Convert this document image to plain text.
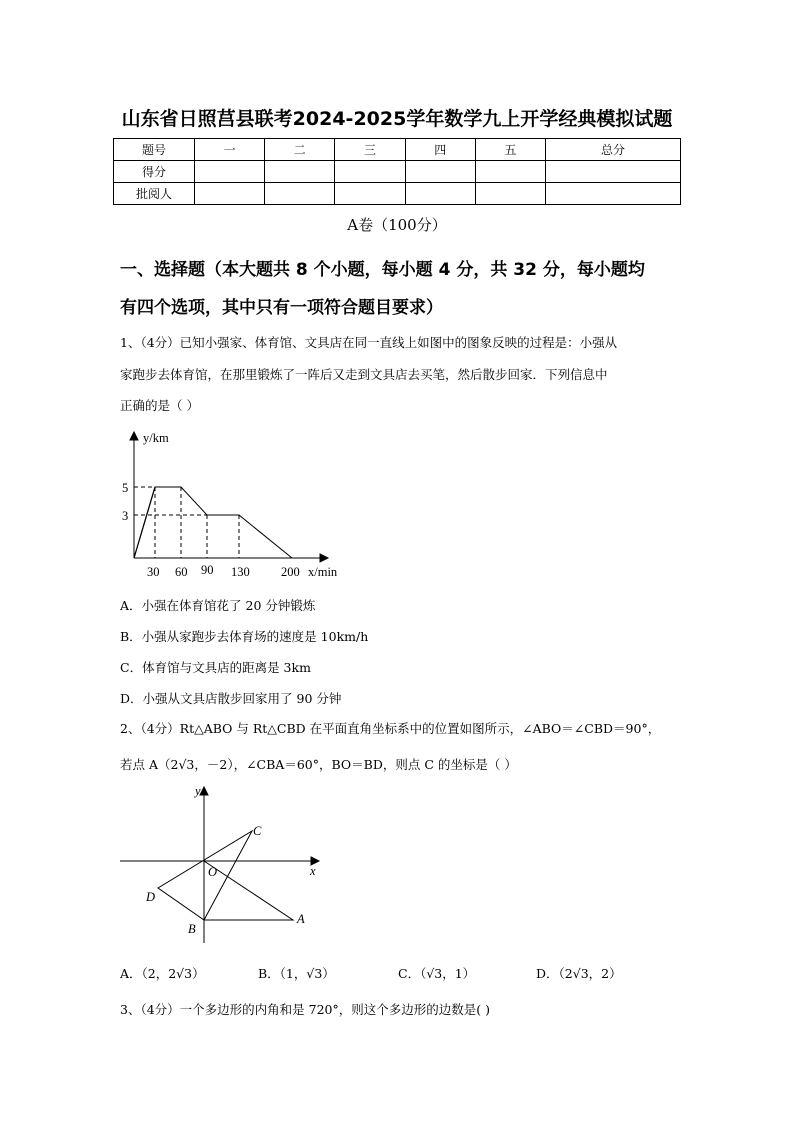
山东省日照莒县联考2024-2025学年数学九上开学经典模拟试题
题号	一	二	三	四	五	总分
得分						
批阅人						
A卷（100分）
一、选择题（本大题共 8 个小题，每小题 4 分，共 32 分，每小题均
有四个选项，其中只有一项符合题目要求）
1、（4分）已知小强家、体育馆、文具店在同一直线上如图中的图象反映的过程是：小强从
家跑步去体育馆，在那里锻炼了一阵后又走到文具店去买笔，然后散步回家．下列信息中
正确的是（ ）
y/km
x/min
5
3
30 60 90 130	200
A．小强在体育馆花了 20 分钟锻炼
B．小强从家跑步去体育场的速度是 10km/h
C．体育馆与文具店的距离是 3km
D．小强从文具店散步回家用了 90 分钟
2、（4分）Rt△ABO 与 Rt△CBD 在平面直角坐标系中的位置如图所示，∠ABO＝∠CBD＝90°，
若点 A（2√3，－2），∠CBA＝60°，BO＝BD，则点 C 的坐标是（ ）
y
x
O
C
D
A
B
A．（2，2√3）	B．（1，√3）	C．（√3，1）	D．（2√3，2）
3、（4分）一个多边形的内角和是 720°，则这个多边形的边数是( )
